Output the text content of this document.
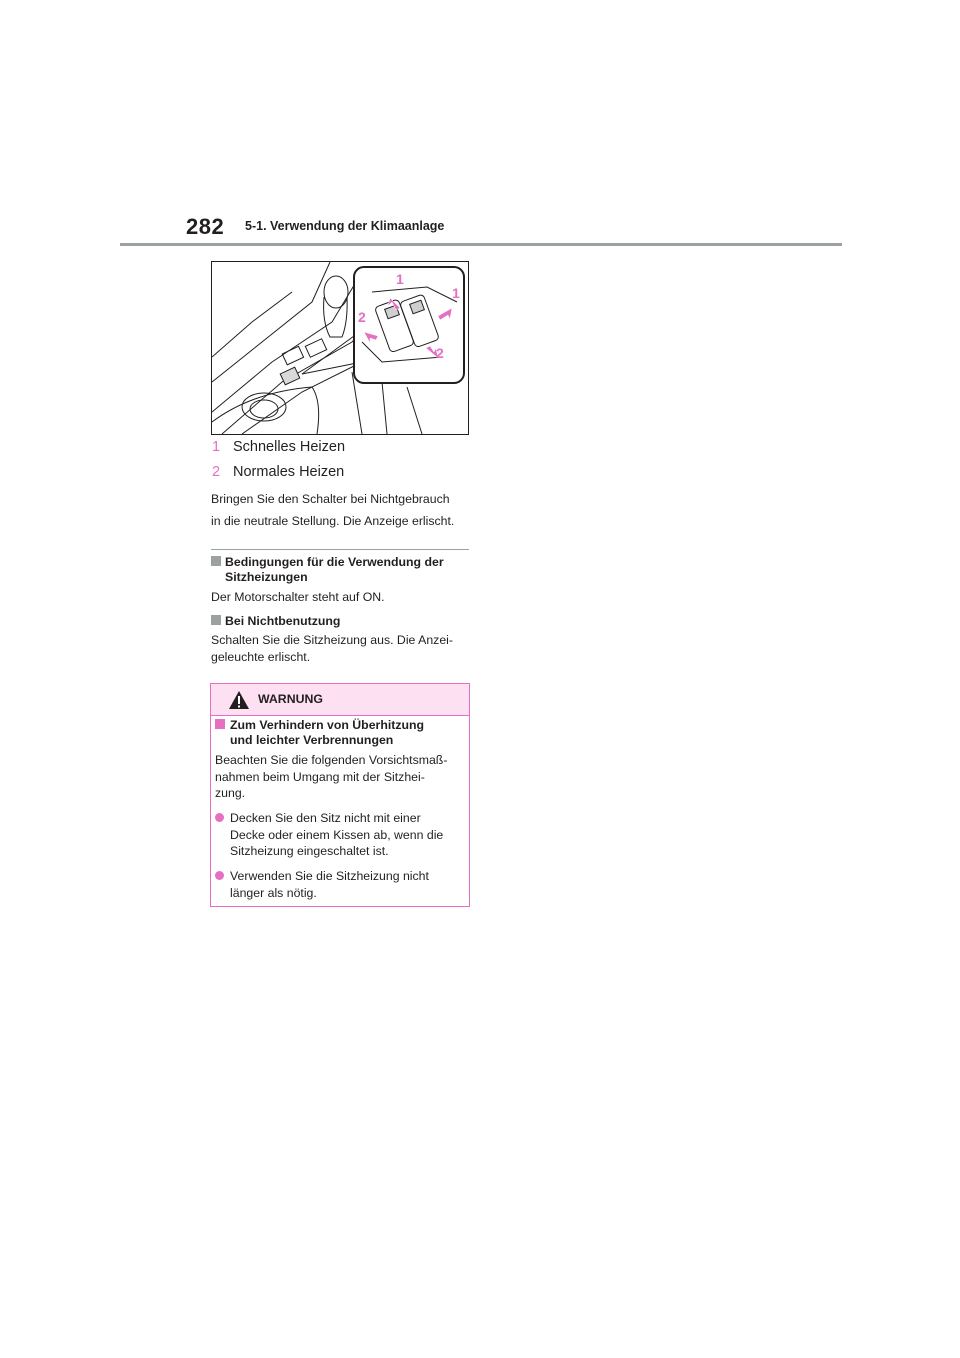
282 5-1. Verwendung der Klimaanlage
1
1
2
2
1 Schnelles Heizen
2 Normales Heizen
Bringen Sie den Schalter bei Nichtgebrauch
in die neutrale Stellung. Die Anzeige erlischt.
Bedingungen für die Verwendung der
Sitzheizungen
Der Motorschalter steht auf ON.
Bei Nichtbenutzung
Schalten Sie die Sitzheizung aus. Die Anzei-
geleuchte erlischt.
WARNUNG
Zum Verhindern von Überhitzung
und leichter Verbrennungen
Beachten Sie die folgenden Vorsichtsmaß-
nahmen beim Umgang mit der Sitzhei-
zung.
Decken Sie den Sitz nicht mit einer
Decke oder einem Kissen ab, wenn die
Sitzheizung eingeschaltet ist.
Verwenden Sie die Sitzheizung nicht
länger als nötig.
